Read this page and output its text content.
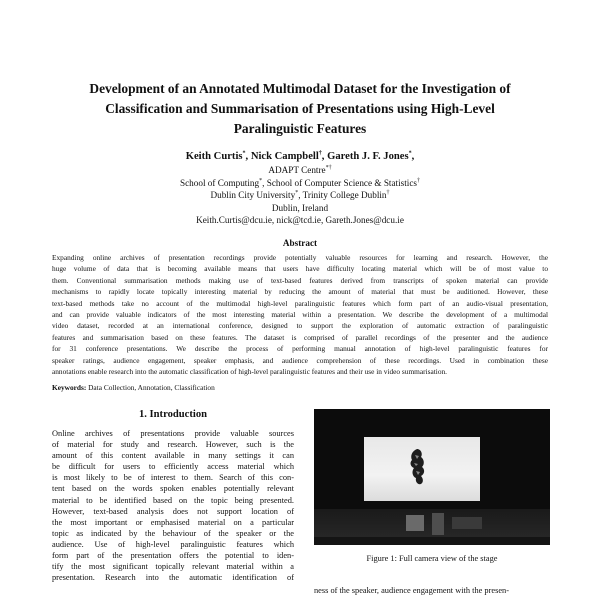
Development of an Annotated Multimodal Dataset for the Investigation of
Classification and Summarisation of Presentations using High-Level
Paralinguistic Features
Keith Curtis*, Nick Campbell†, Gareth J. F. Jones*,
ADAPT Centre*†
School of Computing*, School of Computer Science & Statistics†
Dublin City University*, Trinity College Dublin†
Dublin, Ireland
Keith.Curtis@dcu.ie, nick@tcd.ie, Gareth.Jones@dcu.ie
Abstract
Expanding online archives of presentation recordings provide potentially valuable resources for learning and research. However, the
huge volume of data that is becoming available means that users have difficulty locating material which will be of most value to
them. Conventional summarisation methods making use of text-based features derived from transcripts of spoken material can provide
mechanisms to rapidly locate topically interesting material by reducing the amount of material that must be auditioned. However, these
text-based methods take no account of the multimodal high-level paralinguistic features which form part of an audio-visual presentation,
and can provide valuable indicators of the most interesting material within a presentation. We describe the development of a multimodal
video dataset, recorded at an international conference, designed to support the exploration of automatic extraction of paralinguistic
features and summarisation based on these features. The dataset is comprised of parallel recordings of the presenter and the audience
for 31 conference presentations. We describe the process of performing manual annotation of high-level paralinguistic features for
speaker ratings, audience engagement, speaker emphasis, and audience comprehension of these recordings. Used in combination these
annotations enable research into the automatic classification of high-level paralinguistic features and their use in video summarisation.
Keywords: Data Collection, Annotation, Classification
1. Introduction
Online archives of presentations provide valuable sources
of material for study and research. However, such is the
amount of this content available in many settings it can
be difficult for users to efficiently access material which
is most likely to be of interest to them. Search of this con-
tent based on the words spoken enables potentially relevant
material to be identified based on the topic being presented.
However, text-based analysis does not support location of
the most important or emphasised material on a particular
topic as indicated by the behaviour of the speaker or the
audience. Use of high-level paralinguistic features which
form part of the presentation offers the potential to iden-
tify the most significant topically relevant material within a
presentation. Research into the automatic identification of
Figure 1: Full camera view of the stage
ness of the speaker, audience engagement with the presen-
